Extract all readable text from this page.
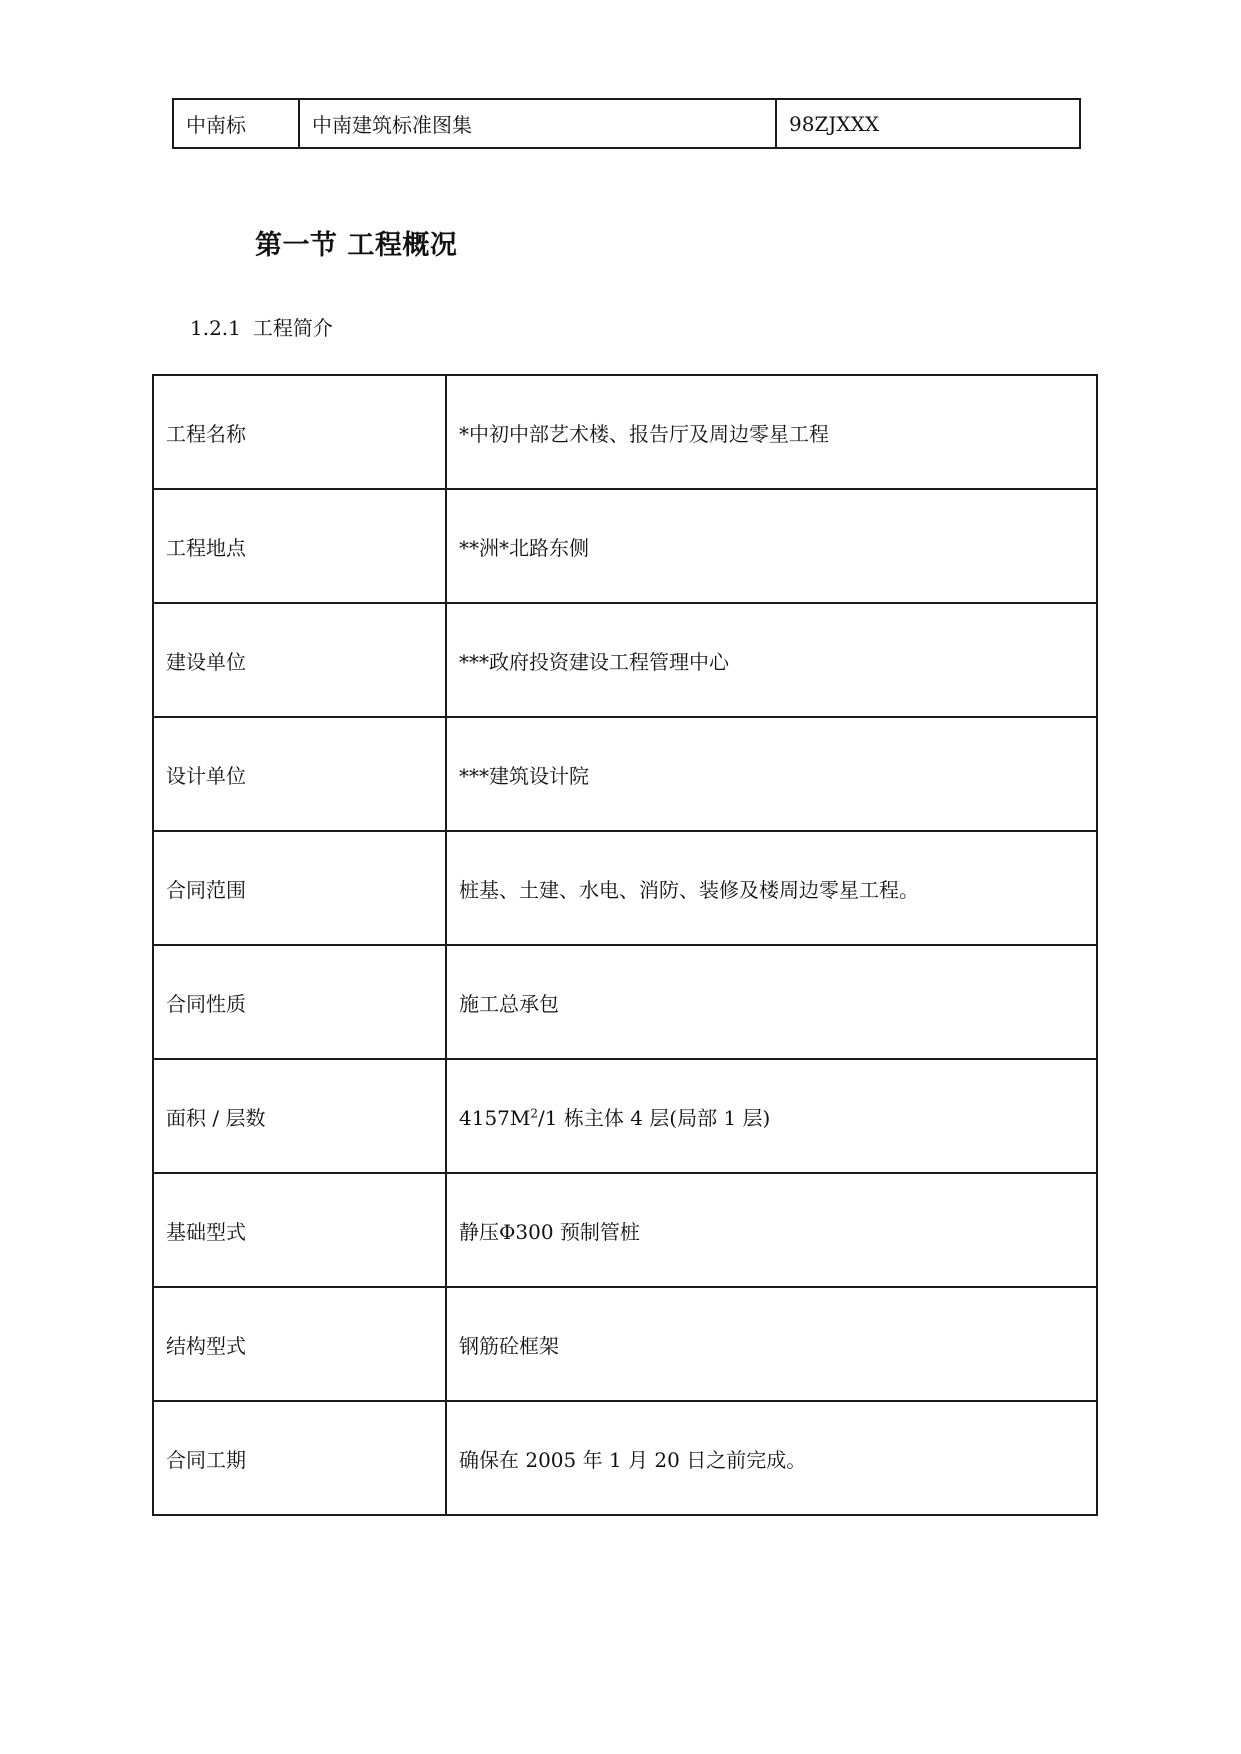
中南标	中南建筑标准图集	98ZJXXX
第一节 工程概况

1.2.1 工程简介

工程名称	*中初中部艺术楼、报告厅及周边零星工程
工程地点	**洲*北路东侧
建设单位	***政府投资建设工程管理中心
设计单位	***建筑设计院
合同范围	桩基、土建、水电、消防、装修及楼周边零星工程。
合同性质	施工总承包
面积 / 层数	$4157M^2/1$ 栋主体 4 层(局部 1 层)
基础型式	静压Φ300 预制管桩
结构型式	钢筋砼框架
合同工期	确保在 2005 年 1 月 20 日之前完成。
